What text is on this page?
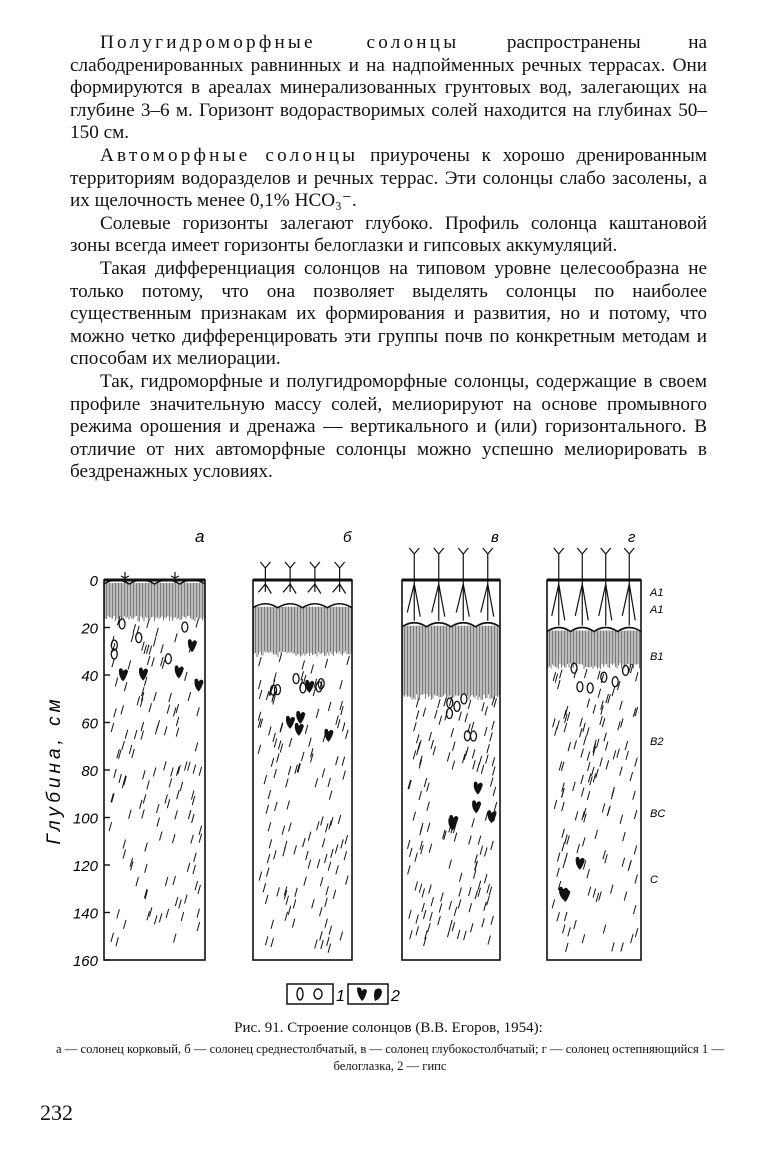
Полугидроморфные солонцы распространены на слабодренированных равнинных и на надпойменных речных террасах. Они формируются в ареалах минерализованных грунтовых вод, залегающих на глубине 3–6 м. Горизонт водорастворимых солей находится на глубинах 50–150 см.

Автоморфные солонцы приурочены к хорошо дренированным территориям водоразделов и речных террас. Эти солонцы слабо засолены, а их щелочность менее 0,1% HCO₃⁻.

Солевые горизонты залегают глубоко. Профиль солонца каштановой зоны всегда имеет горизонты белоглазки и гипсовых аккумуляций.

Такая дифференциация солонцов на типовом уровне целесообразна не только потому, что она позволяет выделять солонцы по наиболее существенным признакам их формирования и развития, но и потому, что можно четко дифференцировать эти группы почв по конкретным методам и способам их мелиорации.

Так, гидроморфные и полугидроморфные солонцы, содержащие в своем профиле значительную массу солей, мелиорируют на основе промывного режима орошения и дренажа — вертикального и (или) горизонтального. В отличие от них автоморфные солонцы можно успешно мелиорировать в бездренажных условиях.

а	б	в	г
Глубина, см
0
20
40
60
80
100
120
140
160
A1
A1
B1
B2
BC
C
1	2
Рис. 91. Строение солонцов (В.В. Егоров, 1954):
а — солонец корковый, б — солонец среднестолбчатый, в — солонец глубокостолбчатый; г — солонец остепняющийся 1 — белоглазка, 2 — гипс
232
